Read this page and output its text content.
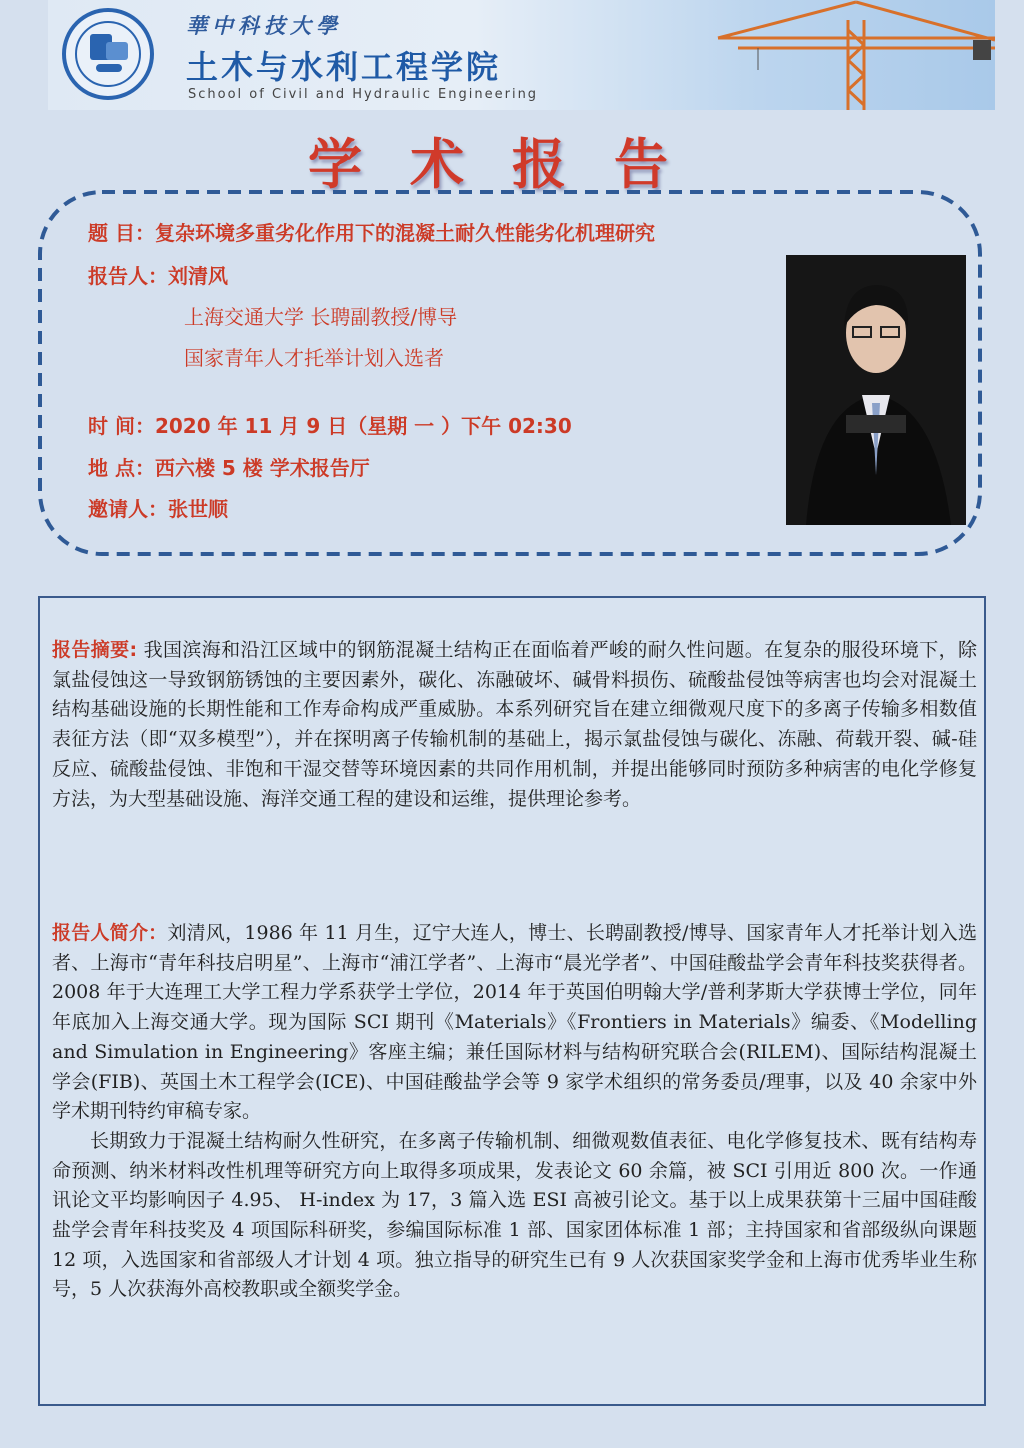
華中科技大學
土木与水利工程学院
School of Civil and Hydraulic Engineering
学术报告
题 目：复杂环境多重劣化作用下的混凝土耐久性能劣化机理研究
报告人：刘清风
上海交通大学 长聘副教授/博导
国家青年人才托举计划入选者
时 间：2020 年 11 月 9 日（星期 一 ）下午 02:30
地 点：西六楼 5 楼 学术报告厅
邀请人：张世顺
报告摘要: 我国滨海和沿江区域中的钢筋混凝土结构正在面临着严峻的耐久性问题。在复杂的服役环境下，除氯盐侵蚀这一导致钢筋锈蚀的主要因素外，碳化、冻融破坏、碱骨料损伤、硫酸盐侵蚀等病害也均会对混凝土结构基础设施的长期性能和工作寿命构成严重威胁。本系列研究旨在建立细微观尺度下的多离子传输多相数值表征方法（即“双多模型”），并在探明离子传输机制的基础上，揭示氯盐侵蚀与碳化、冻融、荷载开裂、碱-硅反应、硫酸盐侵蚀、非饱和干湿交替等环境因素的共同作用机制，并提出能够同时预防多种病害的电化学修复方法，为大型基础设施、海洋交通工程的建设和运维，提供理论参考。
报告人简介：刘清风，1986 年 11 月生，辽宁大连人，博士、长聘副教授/博导、国家青年人才托举计划入选者、上海市“青年科技启明星”、上海市“浦江学者”、上海市“晨光学者”、中国硅酸盐学会青年科技奖获得者。2008 年于大连理工大学工程力学系获学士学位，2014 年于英国伯明翰大学/普利茅斯大学获博士学位，同年年底加入上海交通大学。现为国际 SCI 期刊《Materials》《Frontiers in Materials》编委、《Modelling and Simulation in Engineering》客座主编；兼任国际材料与结构研究联合会(RILEM)、国际结构混凝土学会(FIB)、英国土木工程学会(ICE)、中国硅酸盐学会等 9 家学术组织的常务委员/理事，以及 40 余家中外学术期刊特约审稿专家。
长期致力于混凝土结构耐久性研究，在多离子传输机制、细微观数值表征、电化学修复技术、既有结构寿命预测、纳米材料改性机理等研究方向上取得多项成果，发表论文 60 余篇，被 SCI 引用近 800 次。一作通讯论文平均影响因子 4.95、 H-index 为 17，3 篇入选 ESI 高被引论文。基于以上成果获第十三届中国硅酸盐学会青年科技奖及 4 项国际科研奖，参编国际标准 1 部、国家团体标准 1 部；主持国家和省部级纵向课题 12 项，入选国家和省部级人才计划 4 项。独立指导的研究生已有 9 人次获国家奖学金和上海市优秀毕业生称号，5 人次获海外高校教职或全额奖学金。
